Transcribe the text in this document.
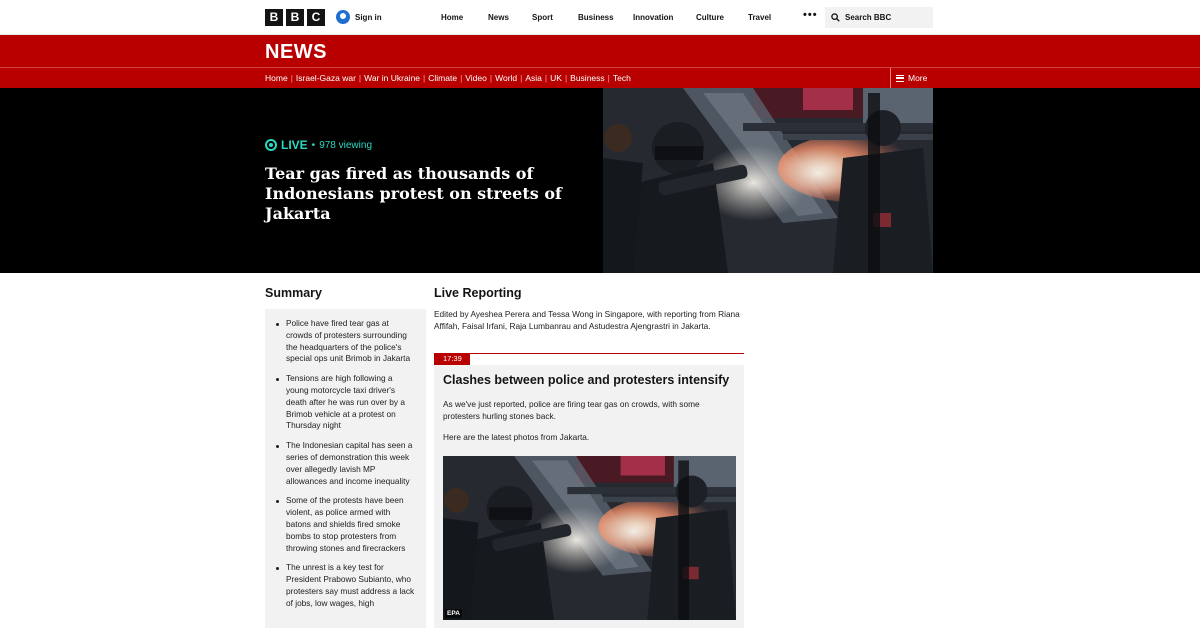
B	B	C	Sign in	Home	News	Sport	Business Innovation	Culture	Travel	•••	Search BBC
NEWS
Home | Israel-Gaza war | War in Ukraine | Climate | Video | World | Asia | UK | Business | Tech	More
LIVE • 978 viewing
Tear gas fired as thousands of Indonesians protest on streets of Jakarta
Summary
Police have fired tear gas at crowds of protesters surrounding the headquarters of the police's special ops unit Brimob in Jakarta
Tensions are high following a young motorcycle taxi driver's death after he was run over by a Brimob vehicle at a protest on Thursday night
The Indonesian capital has seen a series of demonstration this week over allegedly lavish MP allowances and income inequality
Some of the protests have been violent, as police armed with batons and shields fired smoke bombs to stop protesters from throwing stones and firecrackers
The unrest is a key test for President Prabowo Subianto, who protesters say must address a lack of jobs, low wages, high
Live Reporting

Edited by Ayeshea Perera and Tessa Wong in Singapore, with reporting from Riana Affifah, Faisal Irfani, Raja Lumbanrau and Astudestra Ajengrastri in Jakarta.

17:39
Clashes between police and protesters intensify

As we've just reported, police are firing tear gas on crowds, with some protesters hurling stones back.

Here are the latest photos from Jakarta.

EPA
